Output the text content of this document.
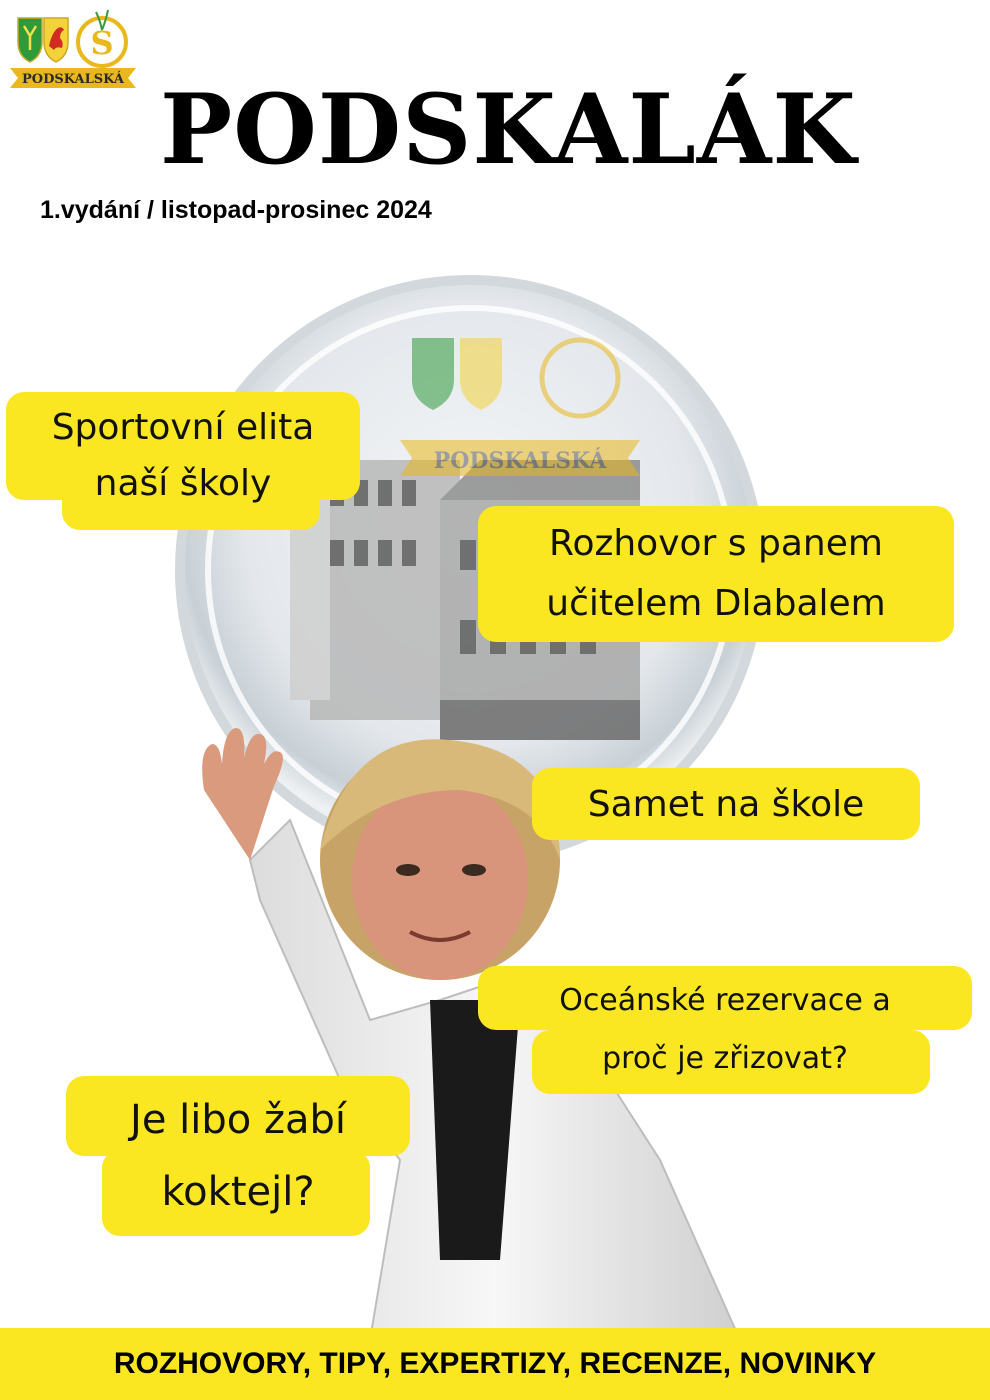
S
PODSKALSKÁ PODSKALÁK
1.vydání / listopad-prosinec 2024
PODSKALSKÁ
Sportovní elita
naší školy
Rozhovor s panem
učitelem Dlabalem
Samet na škole
Oceánské rezervace a
proč je zřizovat?
Je libo žabí
koktejl?
ROZHOVORY, TIPY, EXPERTIZY, RECENZE, NOVINKY
